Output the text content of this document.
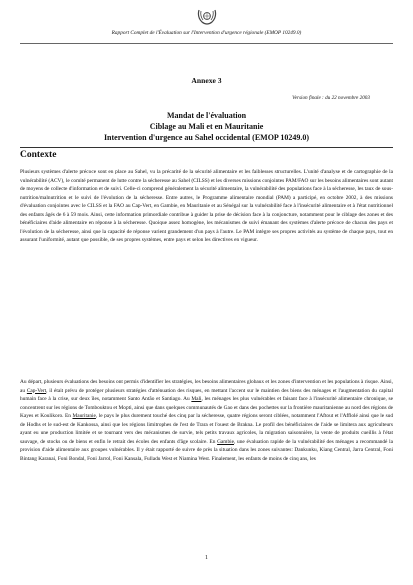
Rapport Complet de l'Évaluation sur l'Intervention d'urgence régionale (EMOP 10249.0)
Annexe 3
Version finale : du 22 novembre 2003
Mandat de l'évaluation
Ciblage au Mali et en Mauritanie
Intervention d'urgence au Sahel occidental (EMOP 10249.0)
Contexte

Plusieurs systèmes d'alerte précoce sont en place au Sahel, vu la précarité de la sécurité alimentaire et les faiblesses structurelles. L'unité d'analyse et de cartographie de la vulnérabilité (ACV), le comité permanent de lutte contre la sécheresse au Sahel (CILSS) et les diverses missions conjointes PAM/FAO sur les besoins alimentaires sont autant de moyens de collecte d'information et de suivi. Celle-ci comprend généralement la sécurité alimentaire, la vulnérabilité des populations face à la sécheresse, les taux de sous-nutrition/malnutrition et le suivi de l'évolution de la sécheresse. Entre autres, le Programme alimentaire mondial (PAM) a participé, en octobre 2002, à des missions d'évaluation conjointes avec le CILSS et la FAO au Cap-Vert, en Gambie, en Mauritanie et au Sénégal sur la vulnérabilité face à l'insécurité alimentaire et à l'état nutritionnel des enfants âgés de 6 à 59 mois. Ainsi, cette information primordiale contribue à guider la prise de décision face à la conjoncture, notamment pour le ciblage des zones et des bénéficiaires d'aide alimentaire en réponse à la sécheresse. Quoique assez homogène, les mécanismes de suivi émanant des systèmes d'alerte précoce de chacun des pays et l'évolution de la sécheresse, ainsi que la capacité de réponse varient grandement d'un pays à l'autre. Le PAM intègre ses propres activités au système de chaque pays, tout en assurant l'uniformité, autant que possible, de ses propres systèmes, entre pays et selon les directives en vigueur.

Au départ, plusieurs évaluations des besoins ont permis d'identifier les stratégies, les besoins alimentaires globaux et les zones d'intervention et les populations à risque. Ainsi, au Cap-Vert, il était prévu de protéger plusieurs stratégies d'atténuation des risques, en mettant l'accent sur le maintien des biens des ménages et l'augmentation du capital humain face à la crise, sur deux îles, notamment Santo Antão et Santiago. Au Mali, les ménages les plus vulnérables et faisant face à l'insécurité alimentaire chronique, se concentrent sur les régions de Tombouktou et Mopti, ainsi que dans quelques communautés de Gao et dans des pochettes sur la frontière mauritanienne au nord des régions de Kayes et Koulikoro. En Mauritanie, le pays le plus durement touché des cinq par la sécheresse, quatre régions seront ciblées, notamment l'Aftout et l'Afflolé ainsi que le sud de Hodhs et le sud-est de Kankossa, ainsi que les régions limitrophes de l'est de Trara et l'ouest de Brakna. Le profil des bénéficiaires de l'aide se limitera aux agriculteurs ayant eu une production limitée et se tournant vers des mécanismes de survie, tels petits travaux agricoles, la migration saisonnière, la vente de produits cueillis à l'état sauvage, de stocks ou de biens et enfin le retrait des écoles des enfants d'âge scolaire. En Gambie, une évaluation rapide de la vulnérabilité des ménages a recommandé la provision d'aide alimentaire aux groupes vulnérables. Il y était rapporté de suivre de près la situation dans les zones suivantes: Dankunku, Kiang Central, Jarra Central, Foni Bintang Karanai, Foni Bondal, Foni Jarrol, Foni Kansala, Fulladu West et Niamina West. Finalement, les enfants de moins de cinq ans, les

1
